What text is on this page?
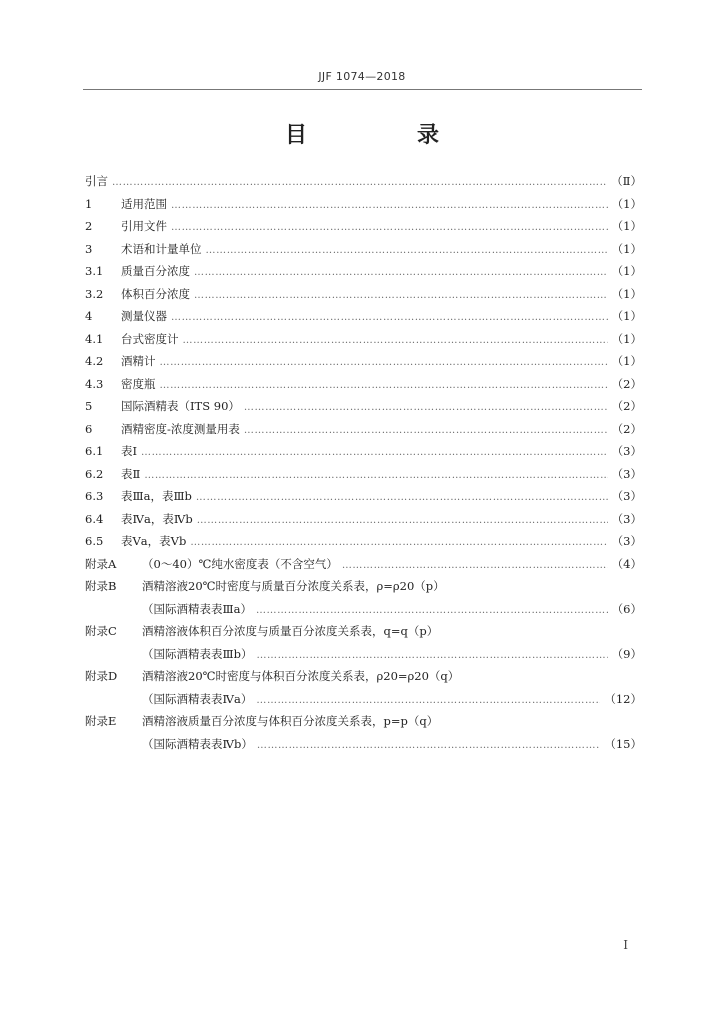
JJF 1074—2018
目　录
引言 …………………………………………………………………………………………………………………………………………………………	（Ⅱ）
1	适用范围 …………………………………………………………………………………………………………………………………………………………	（1）
2	引用文件 …………………………………………………………………………………………………………………………………………………………	（1）
3	术语和计量单位 …………………………………………………………………………………………………………………………………………………………	（1）
3.1	质量百分浓度 …………………………………………………………………………………………………………………………………………………………	（1）
3.2	体积百分浓度 …………………………………………………………………………………………………………………………………………………………	（1）
4	测量仪器 …………………………………………………………………………………………………………………………………………………………	（1）
4.1	台式密度计 …………………………………………………………………………………………………………………………………………………………	（1）
4.2	酒精计 …………………………………………………………………………………………………………………………………………………………	（1）
4.3	密度瓶 …………………………………………………………………………………………………………………………………………………………	（2）
5	国际酒精表（ITS 90） …………………………………………………………………………………………………………………………………………………………	（2）
6	酒精密度-浓度测量用表 …………………………………………………………………………………………………………………………………………………………	（2）
6.1	表Ⅰ …………………………………………………………………………………………………………………………………………………………	（3）
6.2	表Ⅱ …………………………………………………………………………………………………………………………………………………………	（3）
6.3	表Ⅲa，表Ⅲb …………………………………………………………………………………………………………………………………………………………	（3）
6.4	表Ⅳa，表Ⅳb …………………………………………………………………………………………………………………………………………………………	（3）
6.5	表Ⅴa，表Ⅴb …………………………………………………………………………………………………………………………………………………………	（3）
附录A	（0～40）℃纯水密度表（不含空气） …………………………………………………………………………………………………………………………………………………………	（4）
附录B	酒精溶液20℃时密度与质量百分浓度关系表，ρ=ρ20（p）
（国际酒精表表Ⅲa） …………………………………………………………………………………………………………………………………………………………	（6）
附录C	酒精溶液体积百分浓度与质量百分浓度关系表，q=q（p）
（国际酒精表表Ⅲb） …………………………………………………………………………………………………………………………………………………………	（9）
附录D	酒精溶液20℃时密度与体积百分浓度关系表，ρ20=ρ20（q）
（国际酒精表表Ⅳa） …………………………………………………………………………………………………………………………………………………………	（12）
附录E	酒精溶液质量百分浓度与体积百分浓度关系表，p=p（q）
（国际酒精表表Ⅳb） …………………………………………………………………………………………………………………………………………………………	（15）
I
